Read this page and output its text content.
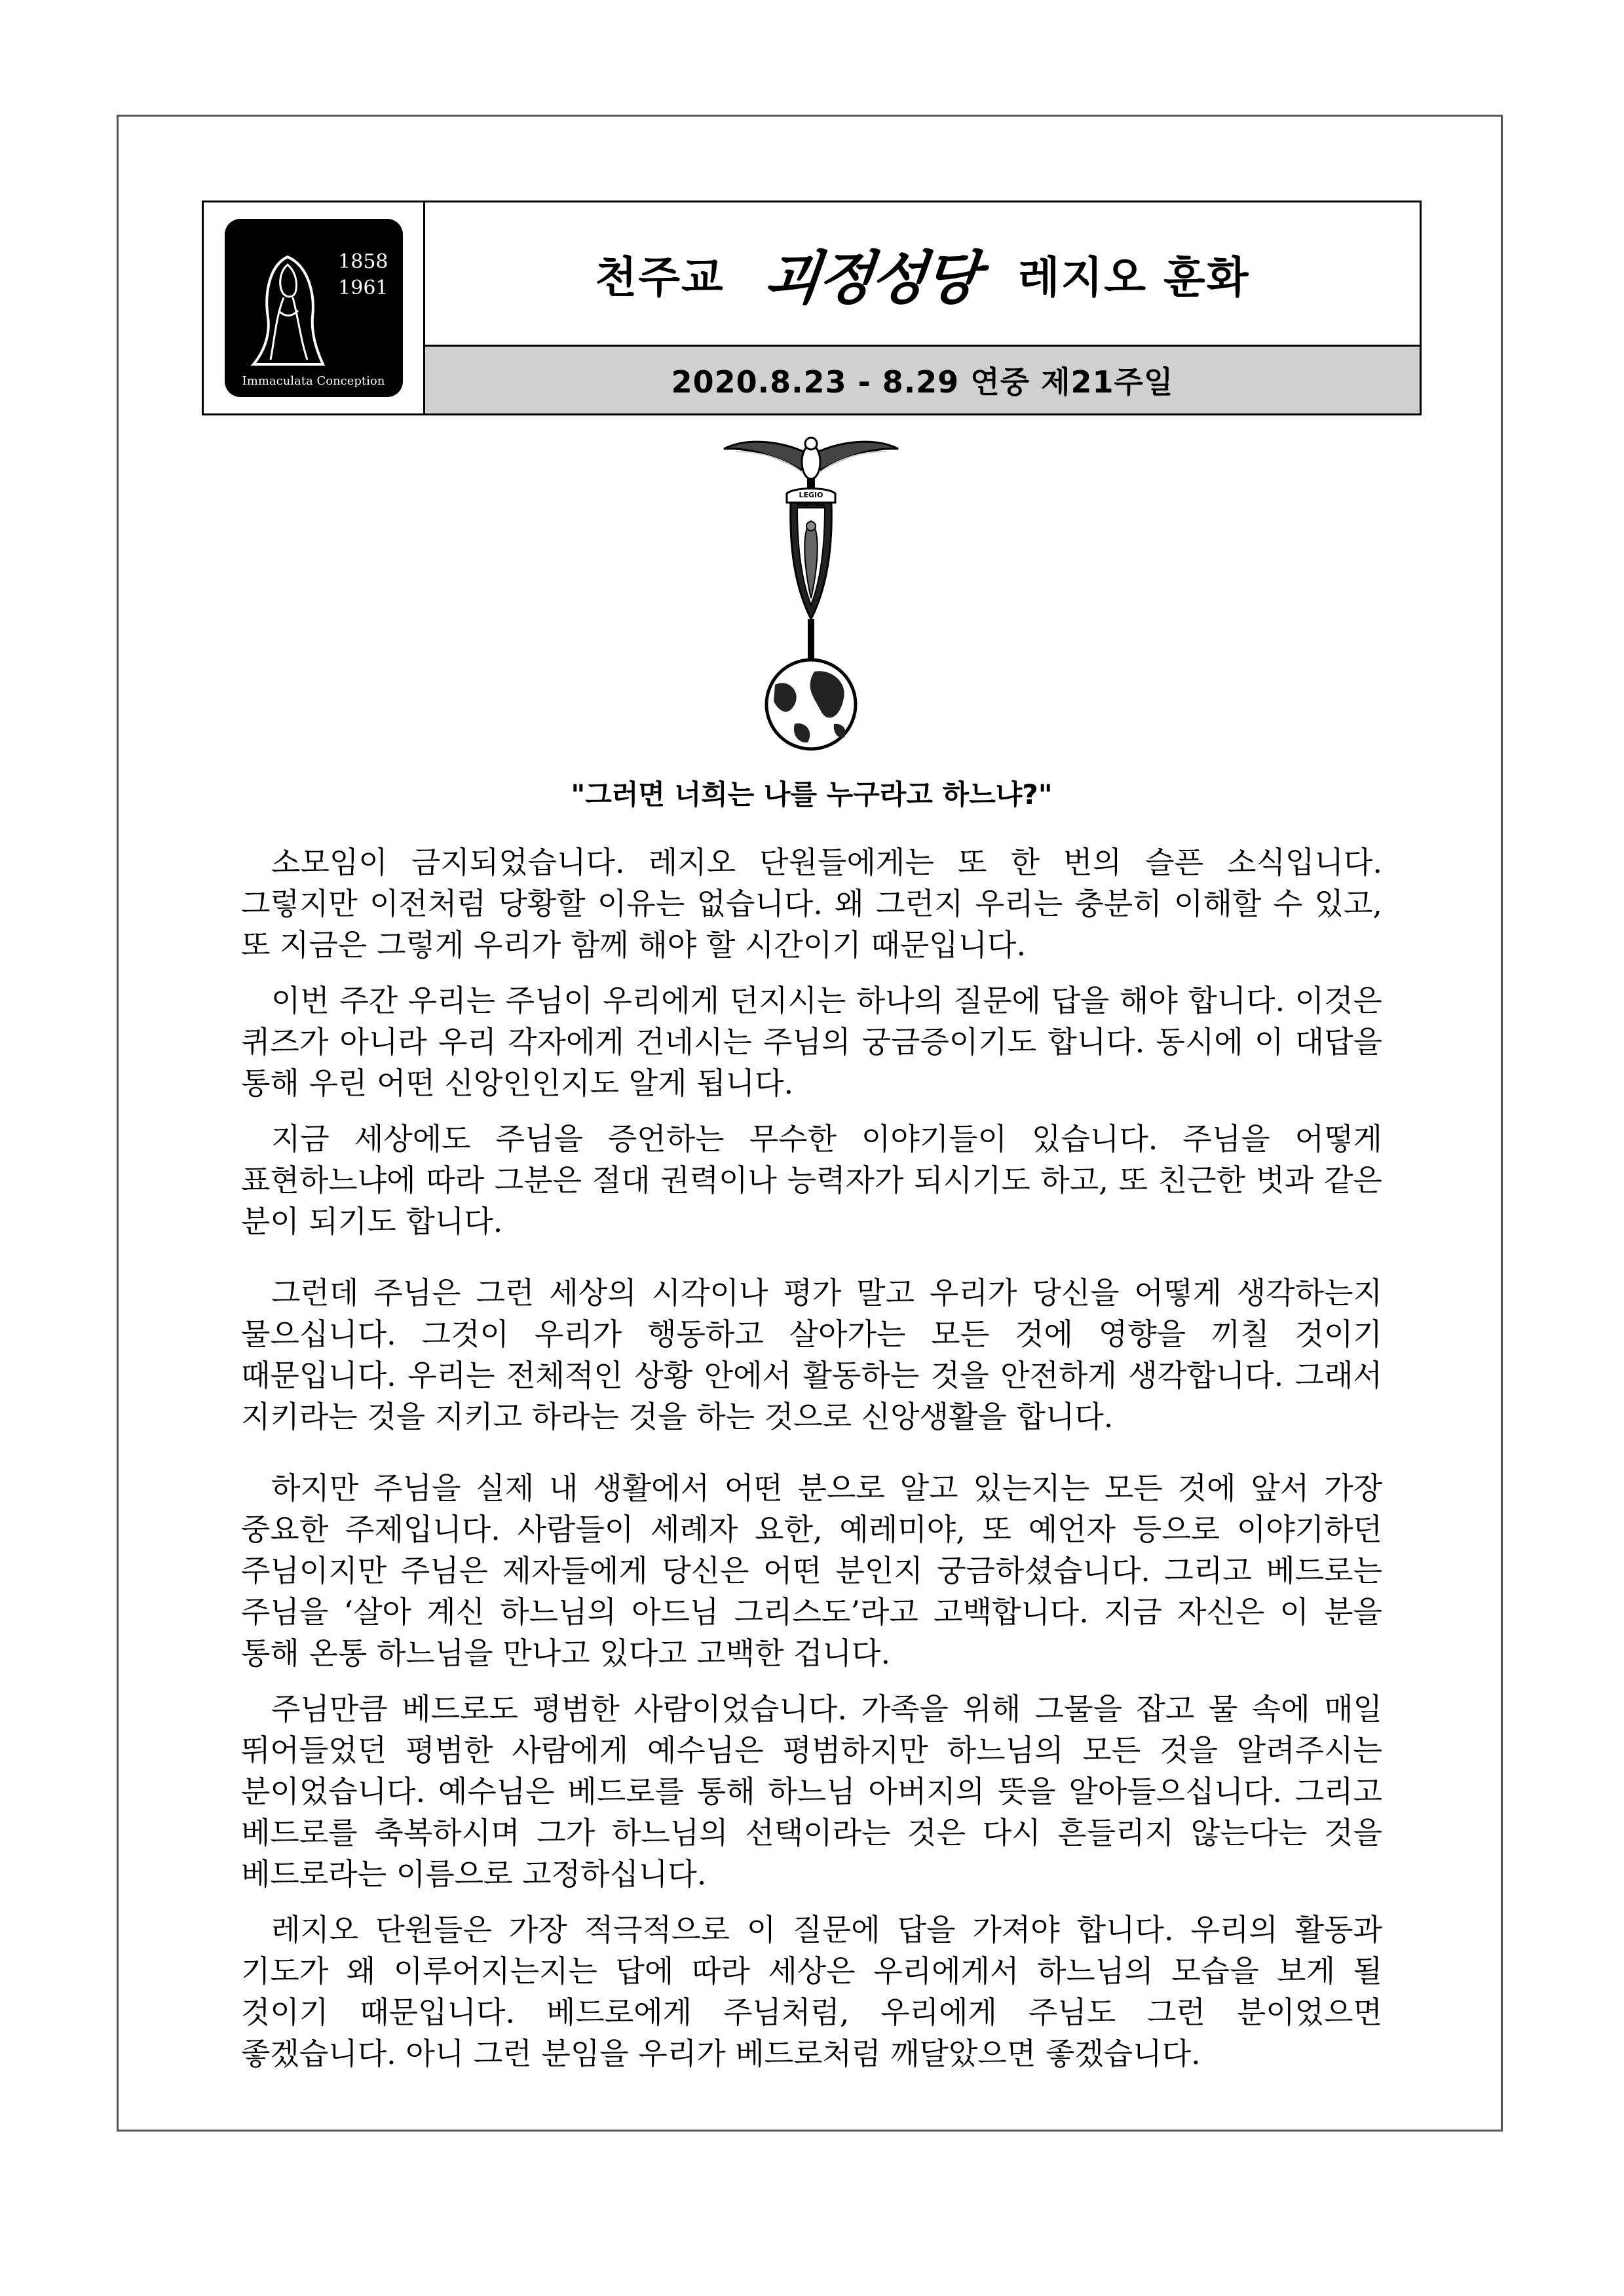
1858
1961
Immaculata Conception
천주교 괴정성당 레지오 훈화
2020.8.23 - 8.29 연중 제21주일
LEGIO
MARIAE
"그러면 너희는 나를 누구라고 하느냐?"

소모임이 금지되었습니다. 레지오 단원들에게는 또 한 번의 슬픈 소식입니다. 그렇지만 이전처럼 당황할 이유는 없습니다. 왜 그런지 우리는 충분히 이해할 수 있고, 또 지금은 그렇게 우리가 함께 해야 할 시간이기 때문입니다.

이번 주간 우리는 주님이 우리에게 던지시는 하나의 질문에 답을 해야 합니다. 이것은 퀴즈가 아니라 우리 각자에게 건네시는 주님의 궁금증이기도 합니다. 동시에 이 대답을 통해 우린 어떤 신앙인인지도 알게 됩니다.

지금 세상에도 주님을 증언하는 무수한 이야기들이 있습니다. 주님을 어떻게 표현하느냐에 따라 그분은 절대 권력이나 능력자가 되시기도 하고, 또 친근한 벗과 같은 분이 되기도 합니다.

그런데 주님은 그런 세상의 시각이나 평가 말고 우리가 당신을 어떻게 생각하는지 물으십니다. 그것이 우리가 행동하고 살아가는 모든 것에 영향을 끼칠 것이기 때문입니다. 우리는 전체적인 상황 안에서 활동하는 것을 안전하게 생각합니다. 그래서 지키라는 것을 지키고 하라는 것을 하는 것으로 신앙생활을 합니다.

하지만 주님을 실제 내 생활에서 어떤 분으로 알고 있는지는 모든 것에 앞서 가장 중요한 주제입니다. 사람들이 세례자 요한, 예레미야, 또 예언자 등으로 이야기하던 주님이지만 주님은 제자들에게 당신은 어떤 분인지 궁금하셨습니다. 그리고 베드로는 주님을 ‘살아 계신 하느님의 아드님 그리스도’라고 고백합니다. 지금 자신은 이 분을 통해 온통 하느님을 만나고 있다고 고백한 겁니다.

주님만큼 베드로도 평범한 사람이었습니다. 가족을 위해 그물을 잡고 물 속에 매일 뛰어들었던 평범한 사람에게 예수님은 평범하지만 하느님의 모든 것을 알려주시는 분이었습니다. 예수님은 베드로를 통해 하느님 아버지의 뜻을 알아들으십니다. 그리고 베드로를 축복하시며 그가 하느님의 선택이라는 것은 다시 흔들리지 않는다는 것을 베드로라는 이름으로 고정하십니다.

레지오 단원들은 가장 적극적으로 이 질문에 답을 가져야 합니다. 우리의 활동과 기도가 왜 이루어지는지는 답에 따라 세상은 우리에게서 하느님의 모습을 보게 될 것이기 때문입니다. 베드로에게 주님처럼, 우리에게 주님도 그런 분이었으면 좋겠습니다. 아니 그런 분임을 우리가 베드로처럼 깨달았으면 좋겠습니다.
